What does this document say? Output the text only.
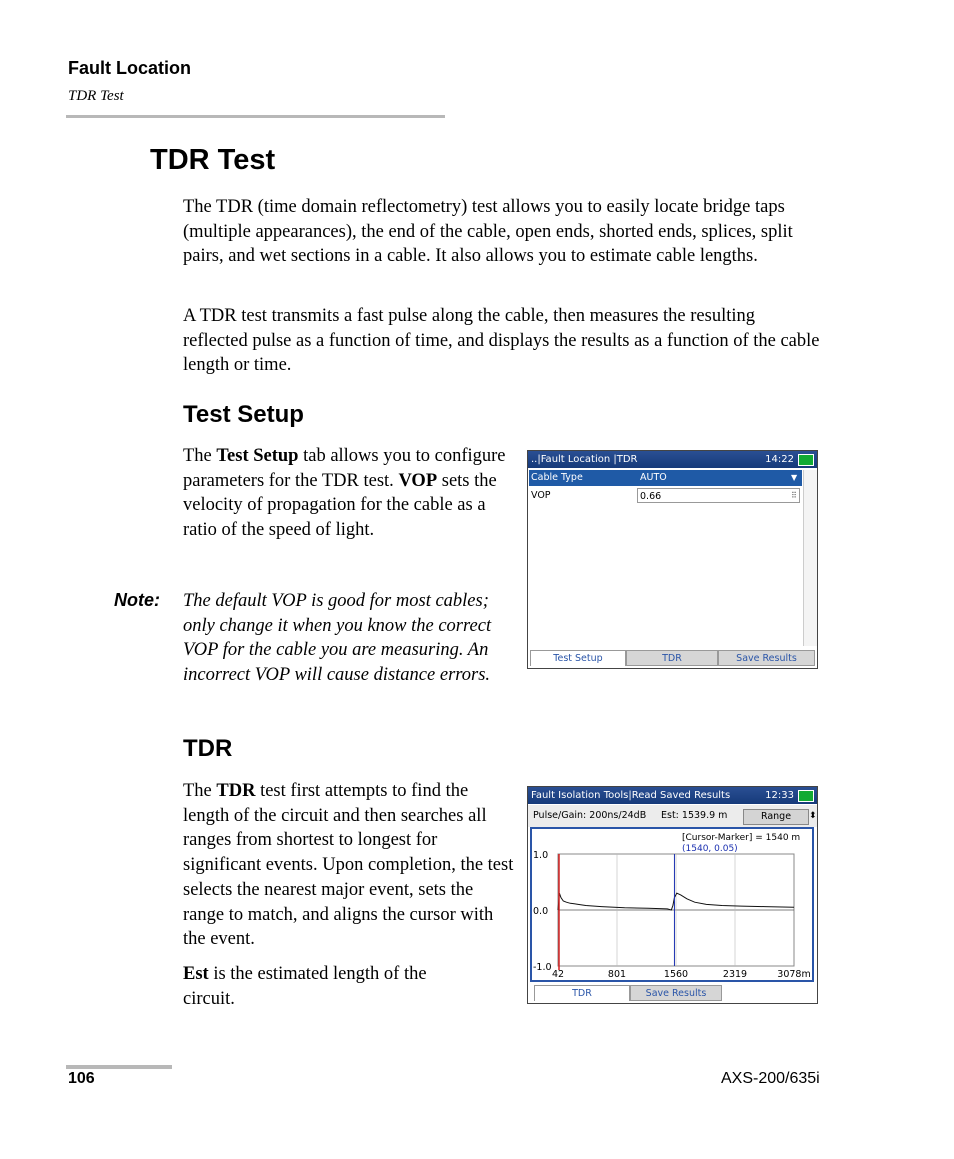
Fault Location
TDR Test
TDR Test
The TDR (time domain reflectometry) test allows you to easily locate bridge taps (multiple appearances), the end of the cable, open ends, shorted ends, splices, split pairs, and wet sections in a cable. It also allows you to estimate cable lengths.
A TDR test transmits a fast pulse along the cable, then measures the resulting reflected pulse as a function of time, and displays the results as a function of the cable length or time.
Test Setup
The Test Setup tab allows you to configure parameters for the TDR test. VOP sets the velocity of propagation for the cable as a ratio of the speed of light.
Note: The default VOP is good for most cables; only change it when you know the correct VOP for the cable you are measuring. An incorrect VOP will cause distance errors.
..|Fault Location |TDR	14:22
Cable Type	AUTO	▼
VOP	0.66	⠿
Test Setup	TDR	Save Results
TDR
The TDR test first attempts to find the length of the circuit and then searches all ranges from shortest to longest for significant events. Upon completion, the test selects the nearest major event, sets the range to match, and aligns the cursor with the event.
Est is the estimated length of the circuit.
Fault Isolation Tools|Read Saved Results	12:33
Pulse/Gain: 200ns/24dB Est: 1539.9 m	Range	⬍
1.0
0.0
-1.0
42	801	1560	2319	3078m
[Cursor-Marker] = 1540 m
(1540, 0.05)
TDR	Save Results
106	AXS-200/635i
